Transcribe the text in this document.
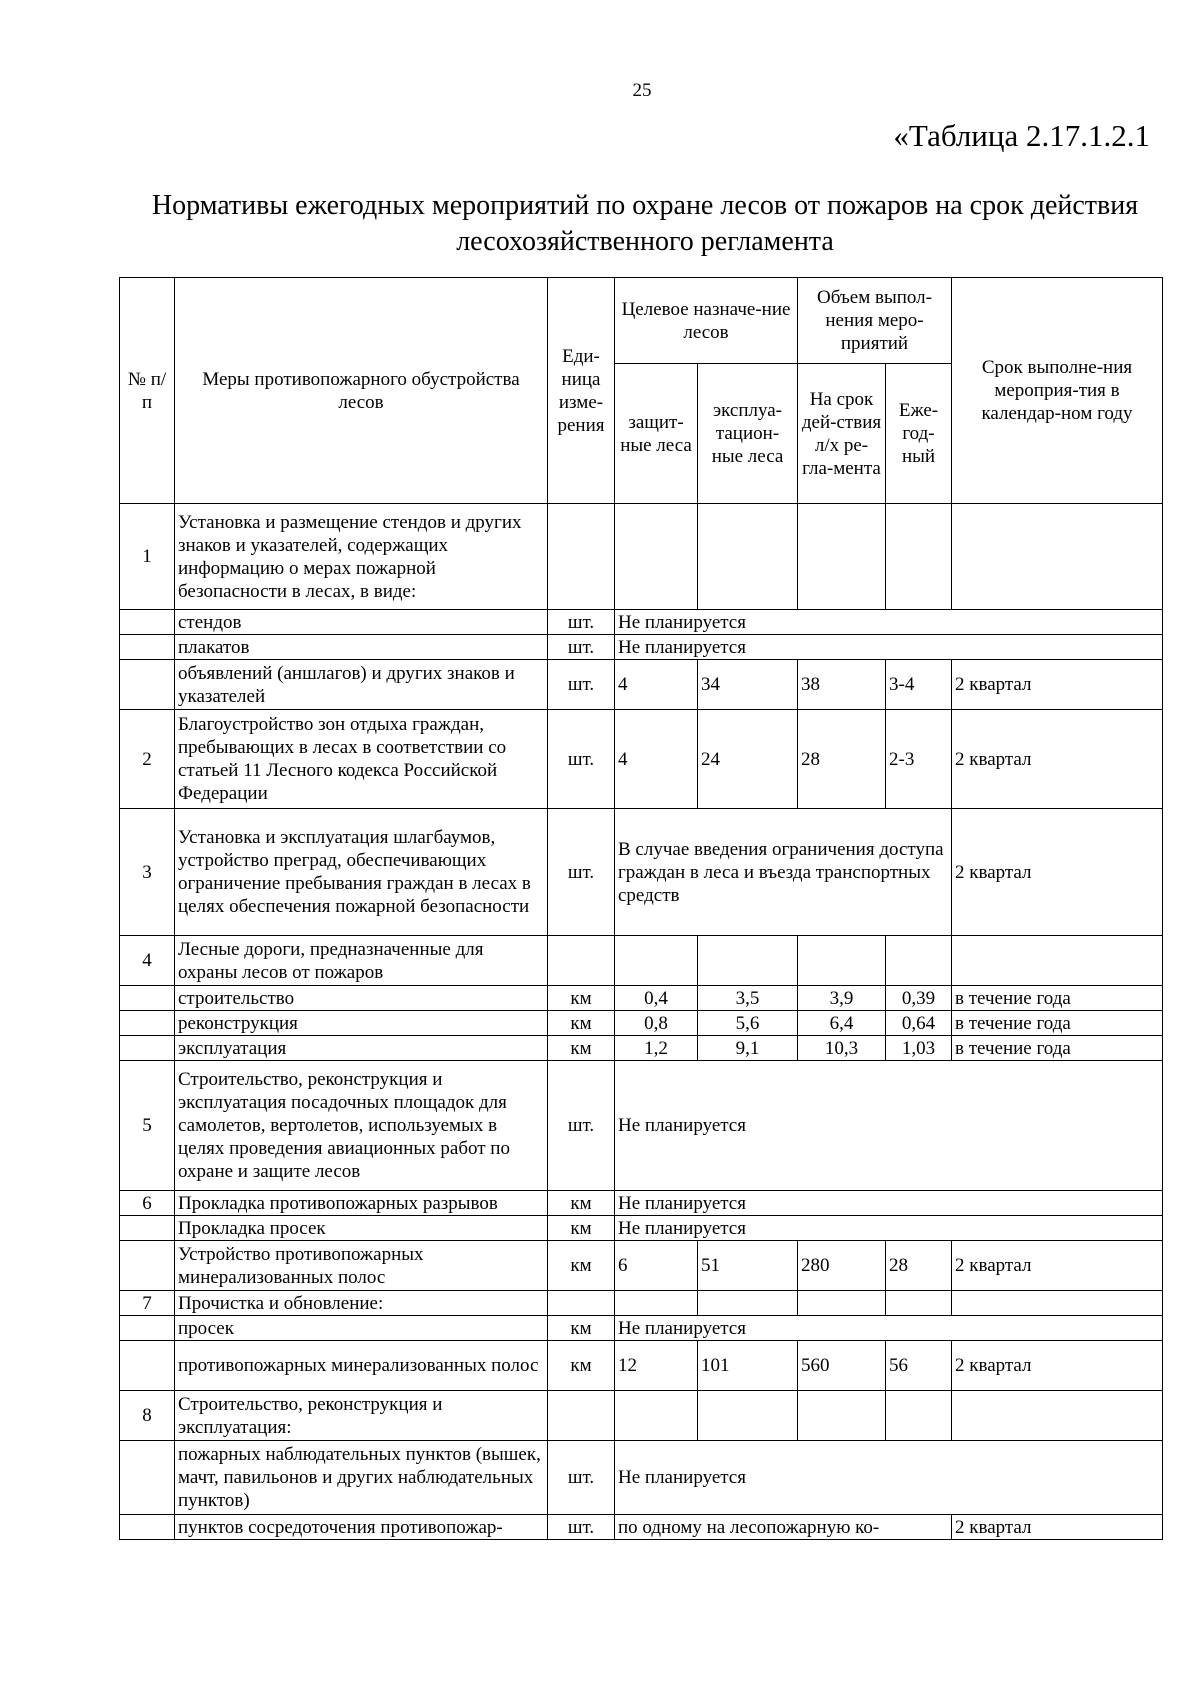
25
«Таблица 2.17.1.2.1
Нормативы ежегодных мероприятий по охране лесов от пожаров на срок действия
лесохозяйственного регламента
№ п/п	Меры противопожарного обустройства лесов	Еди-ница изме-рения	Целевое назначе-ние лесов		Объем выпол-нения меро-приятий		Срок выполне-ния мероприя-тия в календар-ном году
			защит-ные леса	эксплуа-тацион-ные леса	На срок дей-ствия л/х ре-гла-мента	Еже-год-ный	
1	Установка и размещение стендов и других знаков и указателей, содержащих информацию о мерах пожарной безопасности в лесах, в виде:						
	стендов	шт.	Не планируется				
	плакатов	шт.	Не планируется				
	объявлений (аншлагов) и других знаков и указателей	шт.	4	34	38	3-4	2 квартал
2	Благоустройство зон отдыха граждан, пребывающих в лесах в соответствии со статьей 11 Лесного кодекса Российской Федерации	шт.	4	24	28	2-3	2 квартал
3	Установка и эксплуатация шлагбаумов, устройство преград, обеспечивающих ограничение пребывания граждан в лесах в целях обеспечения пожарной безопасности	шт.	В случае введения ограничения доступа граждан в леса и въезда транспортных средств				2 квартал
4	Лесные дороги, предназначенные для охраны лесов от пожаров						
	строительство	км	0,4	3,5	3,9	0,39	в течение года
	реконструкция	км	0,8	5,6	6,4	0,64	в течение года
	эксплуатация	км	1,2	9,1	10,3	1,03	в течение года
5	Строительство, реконструкция и эксплуатация посадочных площадок для самолетов, вертолетов, используемых в целях проведения авиационных работ по охране и защите лесов	шт.	Не планируется				
6	Прокладка противопожарных разрывов	км	Не планируется				
	Прокладка просек	км	Не планируется				
	Устройство противопожарных минерализованных полос	км	6	51	280	28	2 квартал
7	Прочистка и обновление:						
	просек	км	Не планируется				
	противопожарных минерализованных полос	км	12	101	560	56	2 квартал
8	Строительство, реконструкция и эксплуатация:						
	пожарных наблюдательных пунктов (вышек, мачт, павильонов и других наблюдательных пунктов)	шт.	Не планируется				
	пунктов сосредоточения противопожар-	шт.	по одному на лесопожарную ко-				2 квартал
